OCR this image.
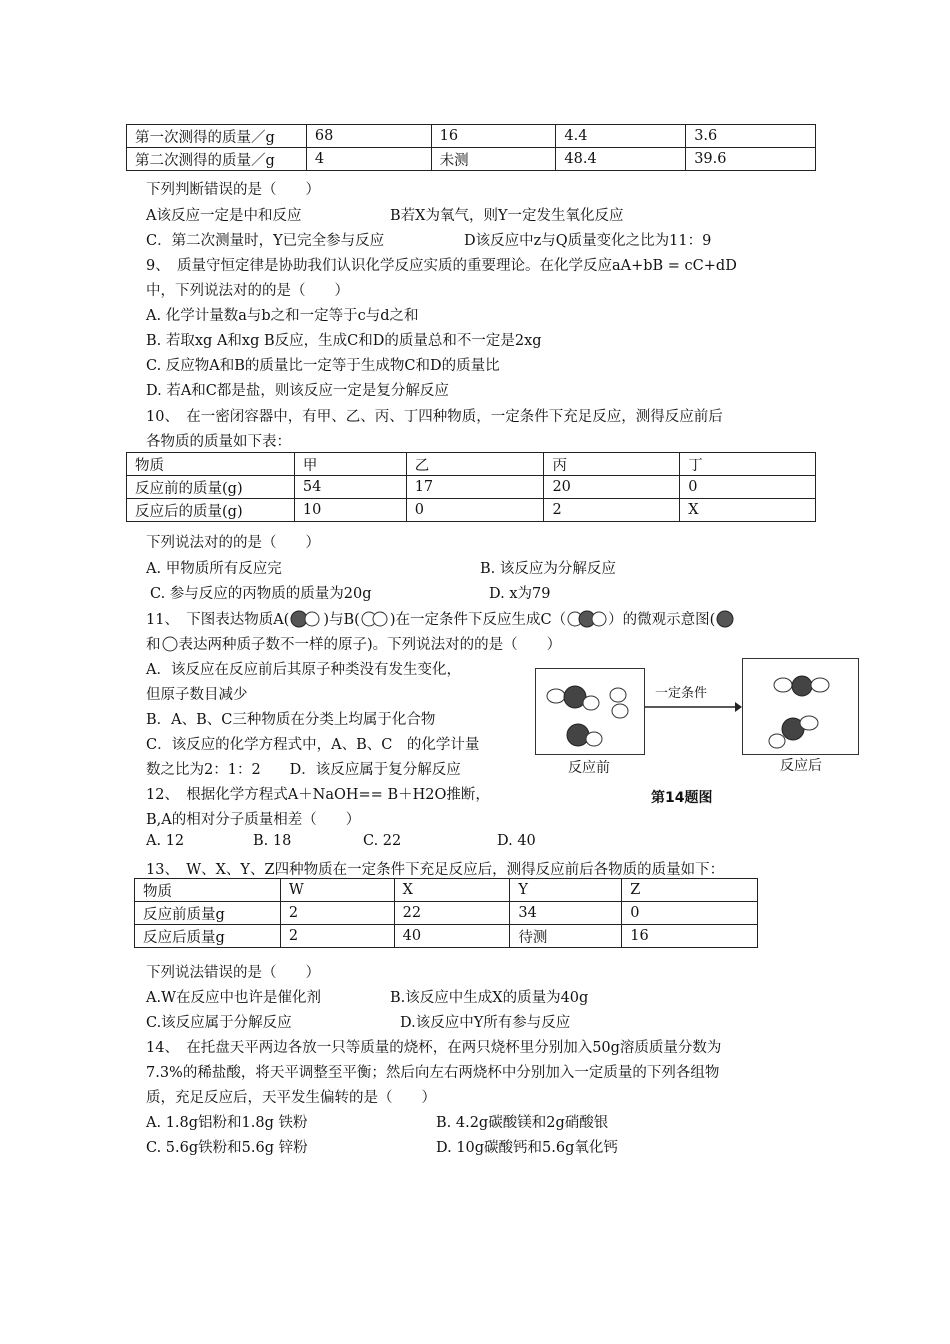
第一次测得的质量／g	68	16	4.4	3.6
第二次测得的质量／g	4	未测	48.4	39.6
下列判断错误的是（　　）
A该反应一定是中和反应	B若X为氧气，则Y一定发生氧化反应
C．第二次测量时，Y已完全参与反应	D该反应中z与Q质量变化之比为11：9
9、　质量守恒定律是协助我们认识化学反应实质的重要理论。在化学反应aA+bB = cC+dD
中，下列说法对的的是（　　）
A. 化学计量数a与b之和一定等于c与d之和
B. 若取xg A和xg B反应，生成C和D的质量总和不一定是2xg
C. 反应物A和B的质量比一定等于生成物C和D的质量比
D. 若A和C都是盐，则该反应一定是复分解反应
10、　在一密闭容器中，有甲、乙、丙、丁四种物质，一定条件下充足反应，测得反应前后
各物质的质量如下表：
物质	甲	乙	丙	丁
反应前的质量(g)	54	17	20	0
反应后的质量(g)	10	0	2	X
下列说法对的的是（　　）
A. 甲物质所有反应完	B. 该反应为分解反应
C. 参与反应的丙物质的质量为20g	D. x为79
11、　下图表达物质A( )与B( )在一定条件下反应生成C（	）的微观示意图(
和 表达两种质子数不一样的原子)。下列说法对的的是（　　）
A．该反应在反应前后其原子种类没有发生变化，
但原子数目减少
B．A、B、C三种物质在分类上均属于化合物
C．该反应的化学方程式中，A、B、C　的化学计量
数之比为2：1：2　　D．该反应属于复分解反应
一定条件
反应前	反应后
第14题图
12、　根据化学方程式A＋NaOH== B＋H2O推断，
B,A的相对分子质量相差（　　）
A. 12	B. 18	C. 22	D. 40
13、　W、X、Y、Z四种物质在一定条件下充足反应后，测得反应前后各物质的质量如下：
物质	W	X	Y	Z
反应前质量g	2	22	34	0
反应后质量g	2	40	待测	16
下列说法错误的是（　　）
A.W在反应中也许是催化剂	B.该反应中生成X的质量为40g
C.该反应属于分解反应	D.该反应中Y所有参与反应
14、　在托盘天平两边各放一只等质量的烧杯，在两只烧杯里分别加入50g溶质质量分数为
7.3%的稀盐酸，将天平调整至平衡；然后向左右两烧杯中分别加入一定质量的下列各组物
质，充足反应后，天平发生偏转的是（　　）
A. 1.8g铝粉和1.8g 铁粉	B. 4.2g碳酸镁和2g硝酸银
C. 5.6g铁粉和5.6g 锌粉	D. 10g碳酸钙和5.6g氧化钙
